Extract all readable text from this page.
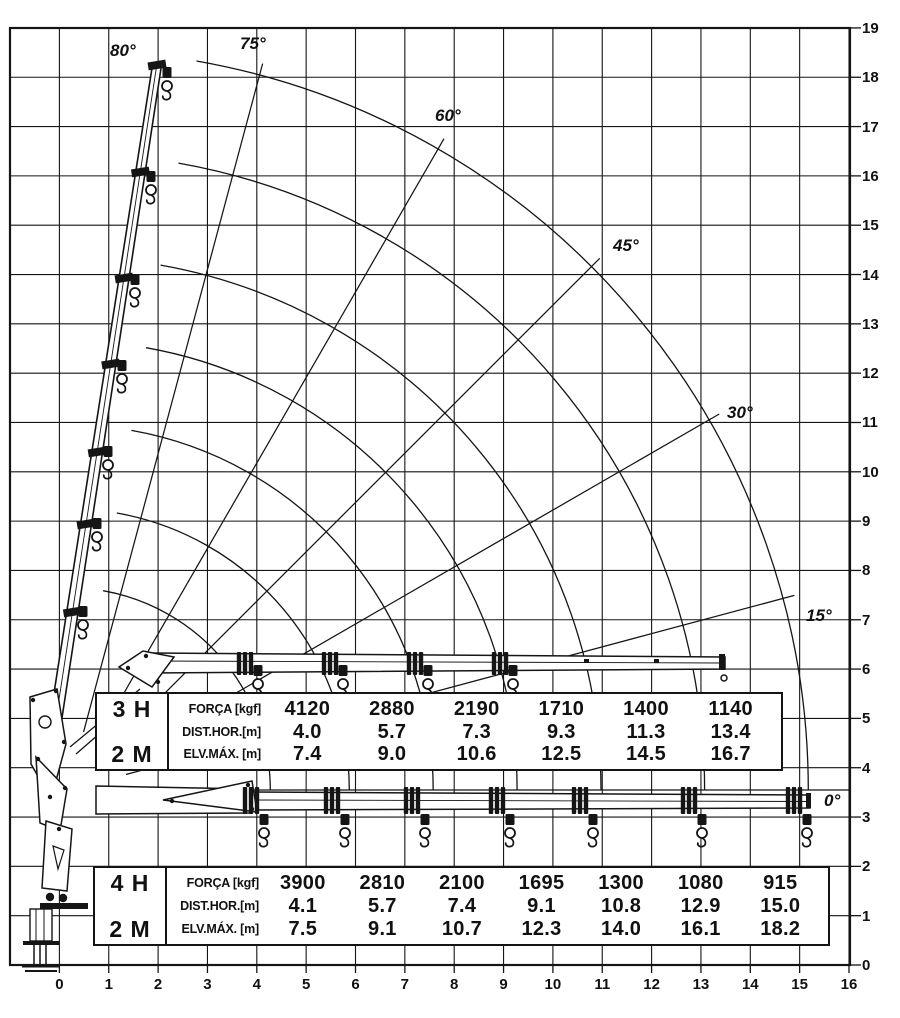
0	1	2	3	4	5	6	7	8	9 10 11 12 13 14 15 16
0
1
2
3
4
5
6
7
8
9
10
11
12
13
14
15
16
17
18
19
80°	75°
60°
45°
30°
15°
0°
3 H
2 M
FORÇA [kgf]	4120	2880	2190	1710	1400	1140
DIST.HOR.[m]	4.0	5.7	7.3	9.3	11.3	13.4
ELV.MÁX. [m]	7.4	9.0	10.6	12.5	14.5	16.7
4 H
2 M
FORÇA [kgf]	3900	2810	2100	1695	1300	1080	915
DIST.HOR.[m]	4.1	5.7	7.4	9.1	10.8	12.9	15.0
ELV.MÁX. [m]	7.5	9.1	10.7	12.3	14.0	16.1	18.2
